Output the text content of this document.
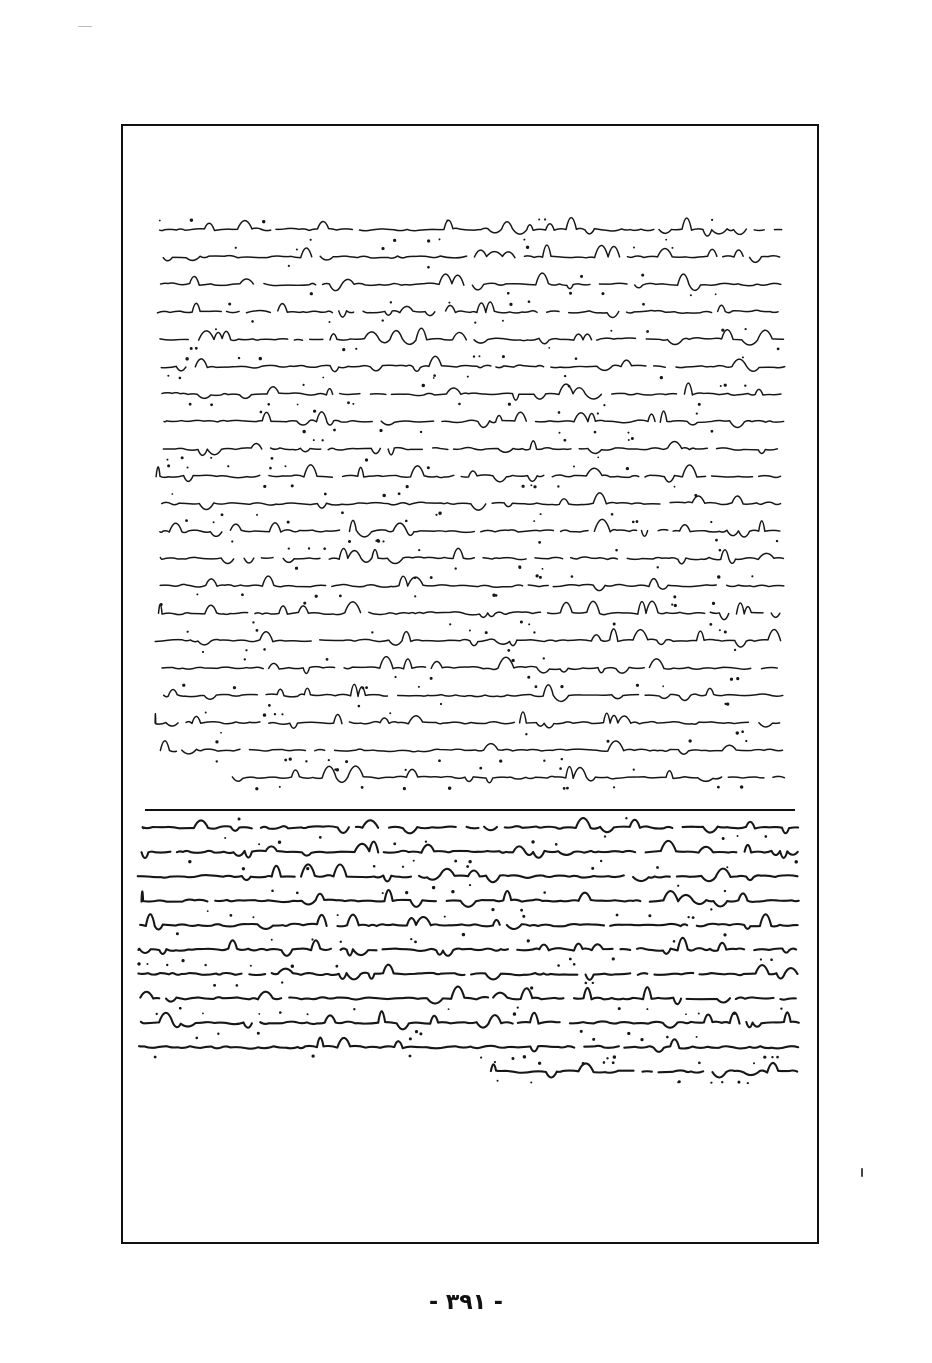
- ٣٩١ -
